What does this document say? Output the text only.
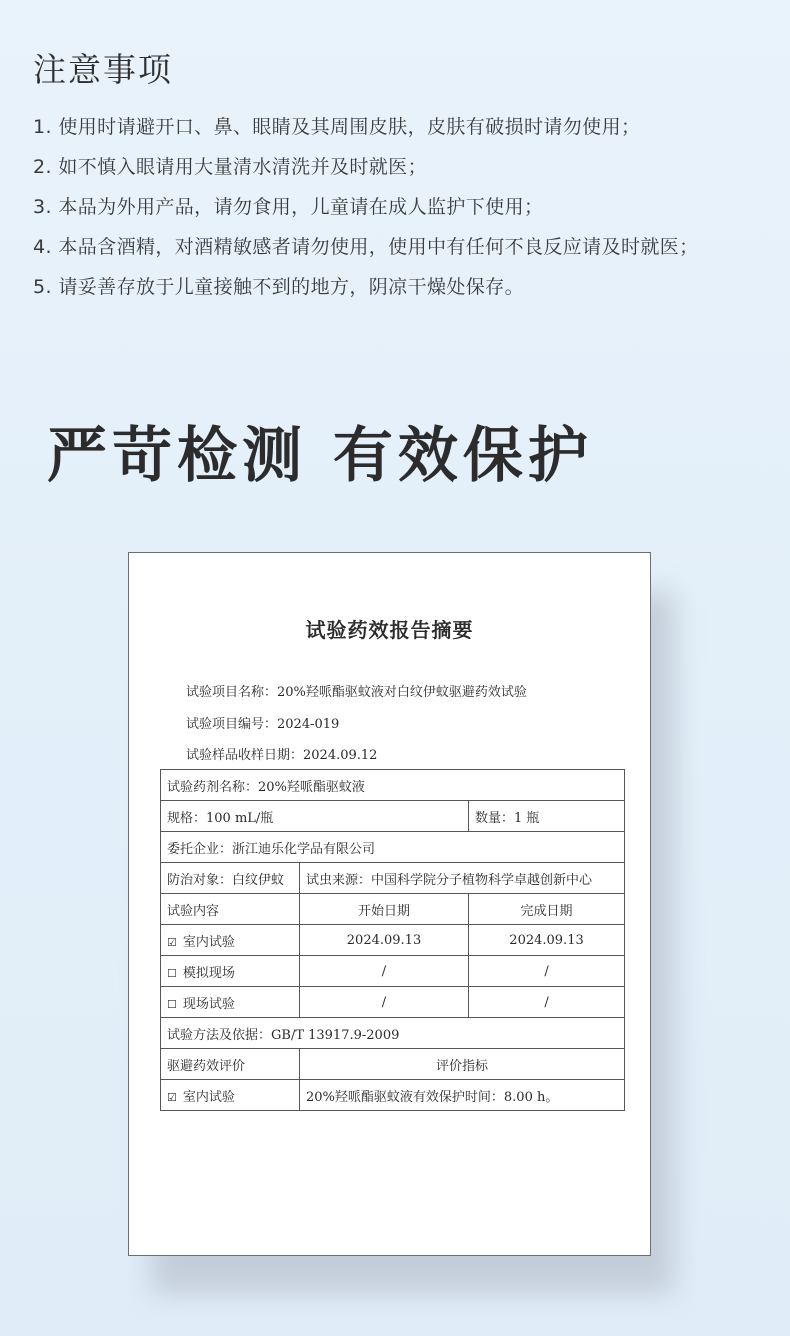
注意事项
1. 使用时请避开口、鼻、眼睛及其周围皮肤，皮肤有破损时请勿使用；
2. 如不慎入眼请用大量清水清洗并及时就医；
3. 本品为外用产品，请勿食用，儿童请在成人监护下使用；
4. 本品含酒精，对酒精敏感者请勿使用，使用中有任何不良反应请及时就医；
5. 请妥善存放于儿童接触不到的地方，阴凉干燥处保存。
严苛检测 有效保护
试验药效报告摘要
试验项目名称：20%羟哌酯驱蚊液对白纹伊蚊驱避药效试验
试验项目编号：2024-019
试验样品收样日期：2024.09.12
试验药剂名称：20%羟哌酯驱蚊液		
规格：100 mL/瓶		数量：1 瓶
委托企业：浙江迪乐化学品有限公司		
防治对象：白纹伊蚊	试虫来源：中国科学院分子植物科学卓越创新中心	
试验内容	开始日期	完成日期
☑ 室内试验	2024.09.13	2024.09.13
☐ 模拟现场	/	/
☐ 现场试验	/	/
试验方法及依据：GB/T 13917.9-2009		
驱避药效评价	评价指标	
☑ 室内试验	20%羟哌酯驱蚊液有效保护时间：8.00 h。	
